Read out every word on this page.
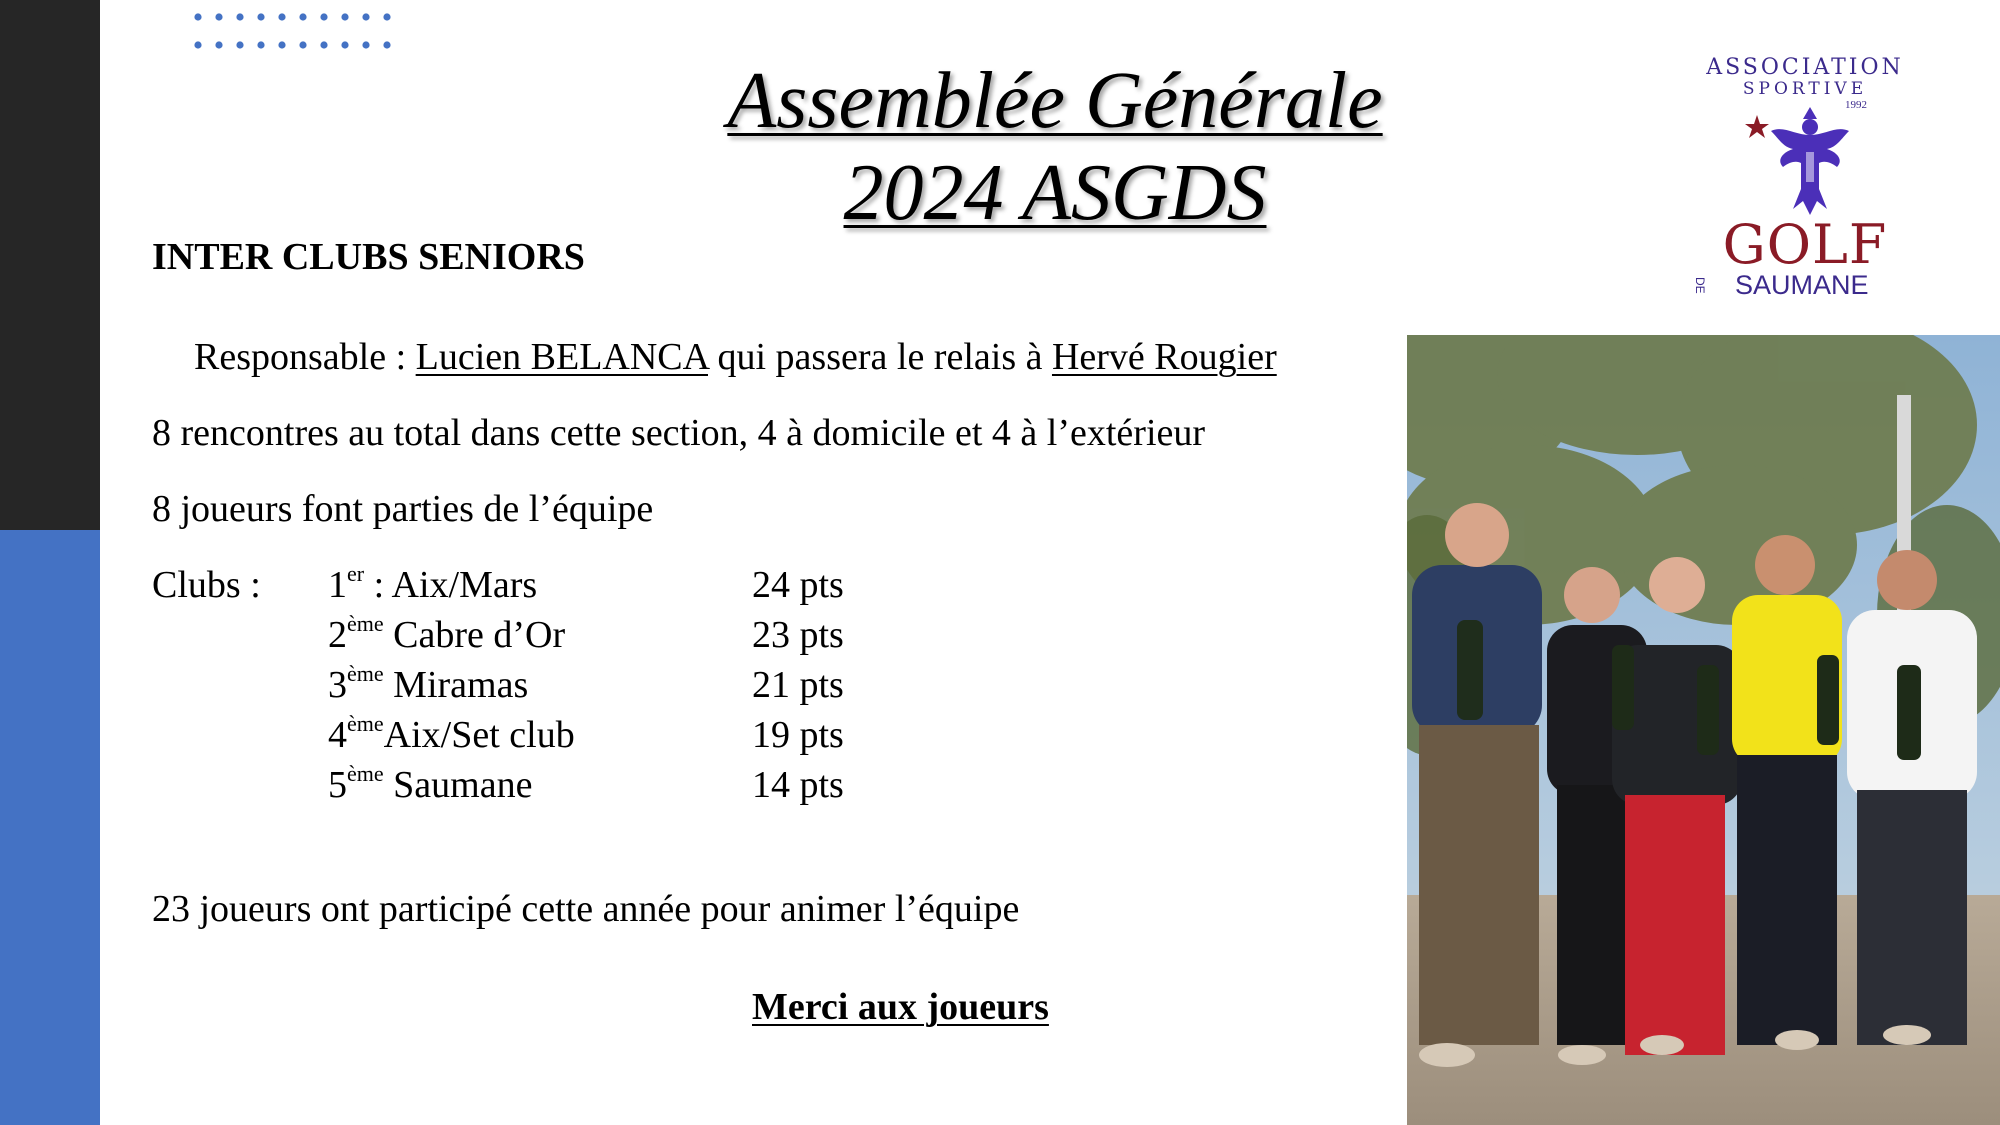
Assemblée Générale
2024 ASGDS
INTER CLUBS SENIORS
Responsable : Lucien BELANCA qui passera le relais à Hervé Rougier
8 rencontres au total dans cette section, 4 à domicile et 4 à l’extérieur
8 joueurs font parties de l’équipe
Clubs : 1er : Aix/Mars	24 pts
2ème Cabre d’Or	23 pts
3ème Miramas	21 pts
4èmeAix/Set club	19 pts
5ème Saumane	14 pts
23 joueurs ont participé cette année pour animer l’équipe
Merci aux joueurs
ASSOCIATION
SPORTIVE
1992
GOLF
DE SAUMANE
